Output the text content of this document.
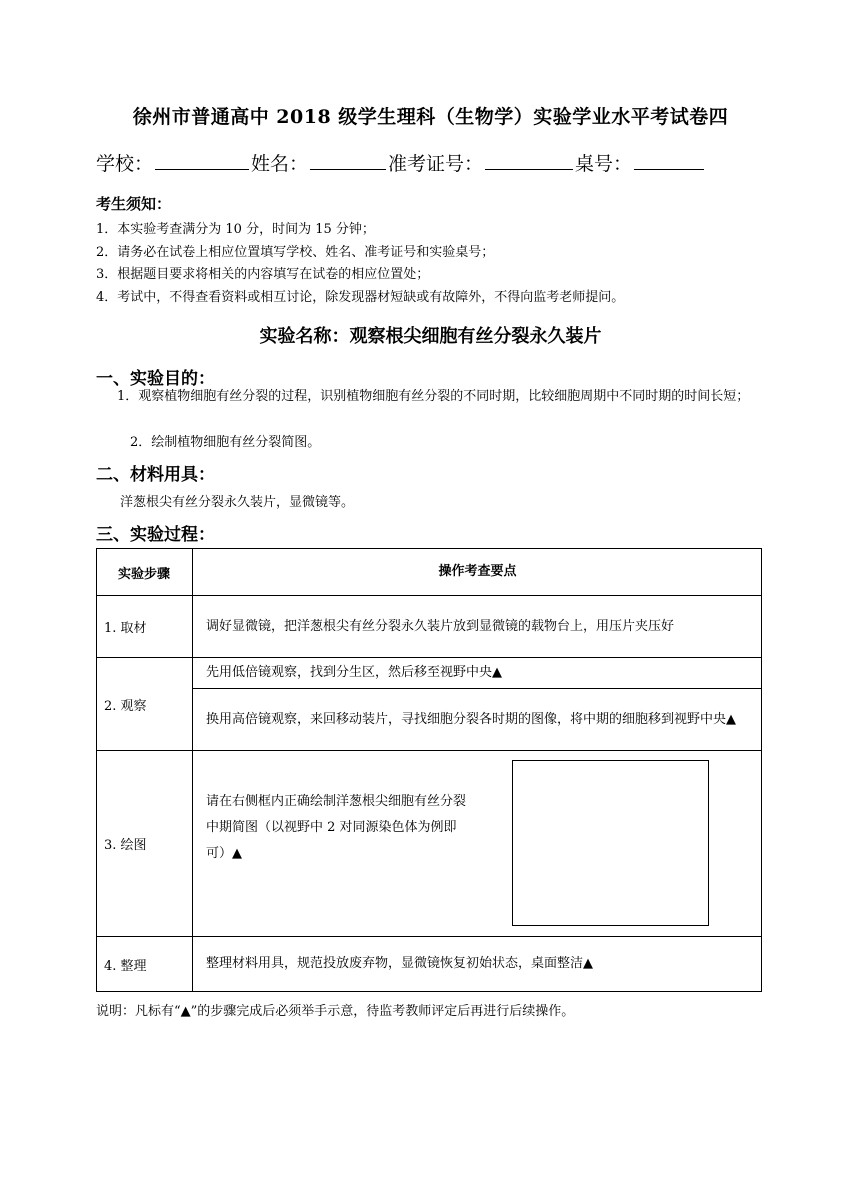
徐州市普通高中 2018 级学生理科（生物学）实验学业水平考试卷四
学校：	姓名：	准考证号：	桌号：
考生须知：
1．本实验考查满分为 10 分，时间为 15 分钟；
2．请务必在试卷上相应位置填写学校、姓名、准考证号和实验桌号；
3．根据题目要求将相关的内容填写在试卷的相应位置处；
4．考试中，不得查看资料或相互讨论，除发现器材短缺或有故障外，不得向监考老师提问。
实验名称：观察根尖细胞有丝分裂永久装片
一、实验目的：
1．观察植物细胞有丝分裂的过程，识别植物细胞有丝分裂的不同时期，比较细胞周期中不同时期的时间长短；
2．绘制植物细胞有丝分裂简图。
二、材料用具：
洋葱根尖有丝分裂永久装片，显微镜等。
三、实验过程：
实验步骤	操作考查要点
1. 取材	调好显微镜，把洋葱根尖有丝分裂永久装片放到显微镜的载物台上，用压片夹压好
2. 观察	先用低倍镜观察，找到分生区，然后移至视野中央▲
	换用高倍镜观察，来回移动装片，寻找细胞分裂各时期的图像，将中期的细胞移到视野中央▲
3. 绘图	请在右侧框内正确绘制洋葱根尖细胞有丝分裂中期简图（以视野中 2 对同源染色体为例即可）▲

4. 整理	整理材料用具，规范投放废弃物，显微镜恢复初始状态，桌面整洁▲
说明：凡标有“▲”的步骤完成后必须举手示意，待监考教师评定后再进行后续操作。
